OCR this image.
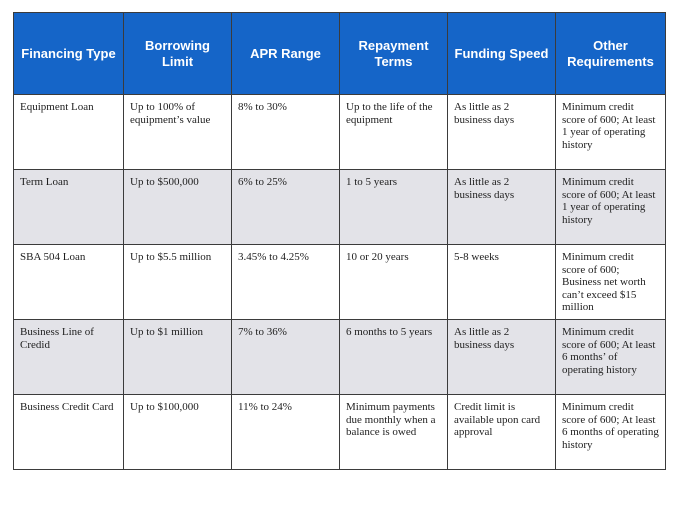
Financing Type	Borrowing Limit	APR Range	Repayment Terms	Funding Speed	Other Requirements
Equipment Loan	Up to 100% of equipment’s value	8% to 30%	Up to the life of the equipment	As little as 2 business days	Minimum credit score of 600; At least 1 year of operating history
Term Loan	Up to $500,000	6% to 25%	1 to 5 years	As little as 2 business days	Minimum credit score of 600; At least 1 year of operating history
SBA 504 Loan	Up to $5.5 million	3.45% to 4.25%	10 or 20 years	5-8 weeks	Minimum credit score of 600; Business net worth can’t exceed $15 million
Business Line of Credid	Up to $1 million	7% to 36%	6 months to 5 years	As little as 2 business days	Minimum credit score of 600; At least 6 months’ of operating history
Business Credit Card	Up to $100,000	11% to 24%	Minimum payments due monthly when a balance is owed	Credit limit is available upon card approval	Minimum credit score of 600; At least 6 months of operating history
